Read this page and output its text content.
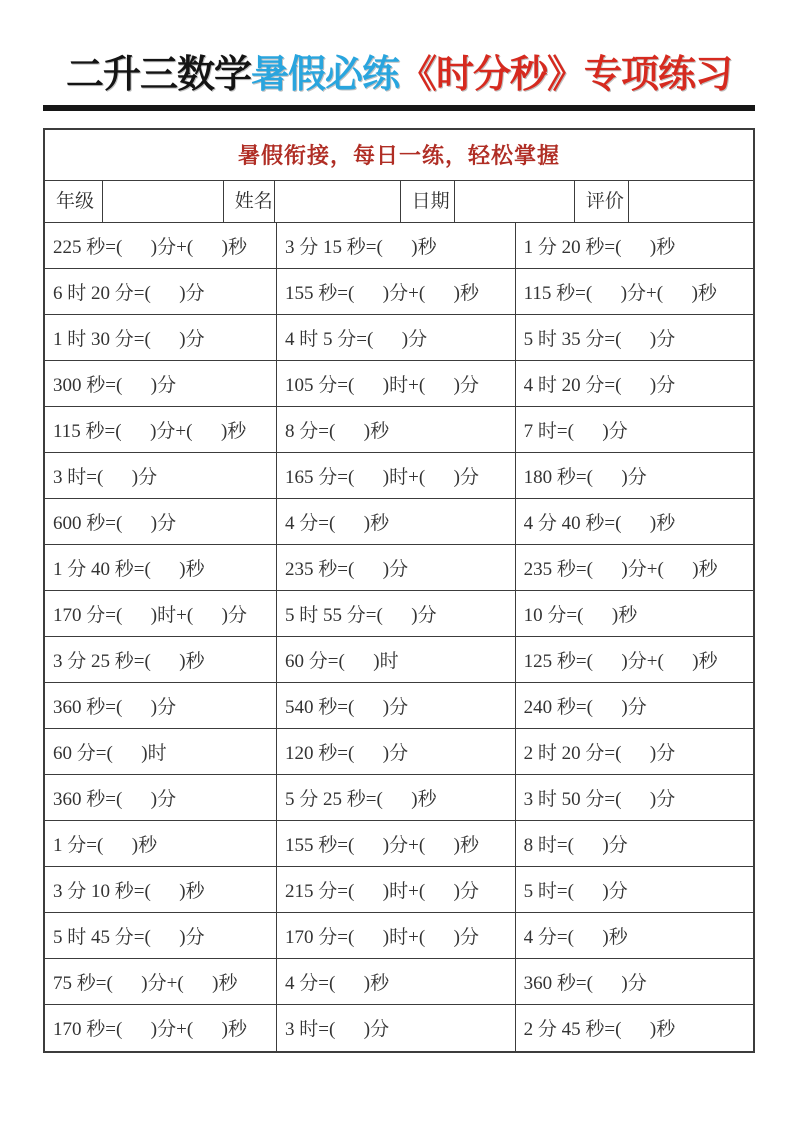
二升三数学暑假必练《时分秒》专项练习
暑假衔接，每日一练，轻松掌握
年级	姓名	日期	评价
225 秒=(      )分+(      )秒	3 分 15 秒=(      )秒	1 分 20 秒=(      )秒
6 时 20 分=(      )分	155 秒=(      )分+(      )秒	115 秒=(      )分+(      )秒
1 时 30 分=(      )分	4 时 5 分=(      )分	5 时 35 分=(      )分
300 秒=(      )分	105 分=(      )时+(      )分	4 时 20 分=(      )分
115 秒=(      )分+(      )秒	8 分=(      )秒	7 时=(      )分
3 时=(      )分	165 分=(      )时+(      )分	180 秒=(      )分
600 秒=(      )分	4 分=(      )秒	4 分 40 秒=(      )秒
1 分 40 秒=(      )秒	235 秒=(      )分	235 秒=(      )分+(      )秒
170 分=(      )时+(      )分	5 时 55 分=(      )分	10 分=(      )秒
3 分 25 秒=(      )秒	60 分=(      )时	125 秒=(      )分+(      )秒
360 秒=(      )分	540 秒=(      )分	240 秒=(      )分
60 分=(      )时	120 秒=(      )分	2 时 20 分=(      )分
360 秒=(      )分	5 分 25 秒=(      )秒	3 时 50 分=(      )分
1 分=(      )秒	155 秒=(      )分+(      )秒	8 时=(      )分
3 分 10 秒=(      )秒	215 分=(      )时+(      )分	5 时=(      )分
5 时 45 分=(      )分	170 分=(      )时+(      )分	4 分=(      )秒
75 秒=(      )分+(      )秒	4 分=(      )秒	360 秒=(      )分
170 秒=(      )分+(      )秒	3 时=(      )分	2 分 45 秒=(      )秒
